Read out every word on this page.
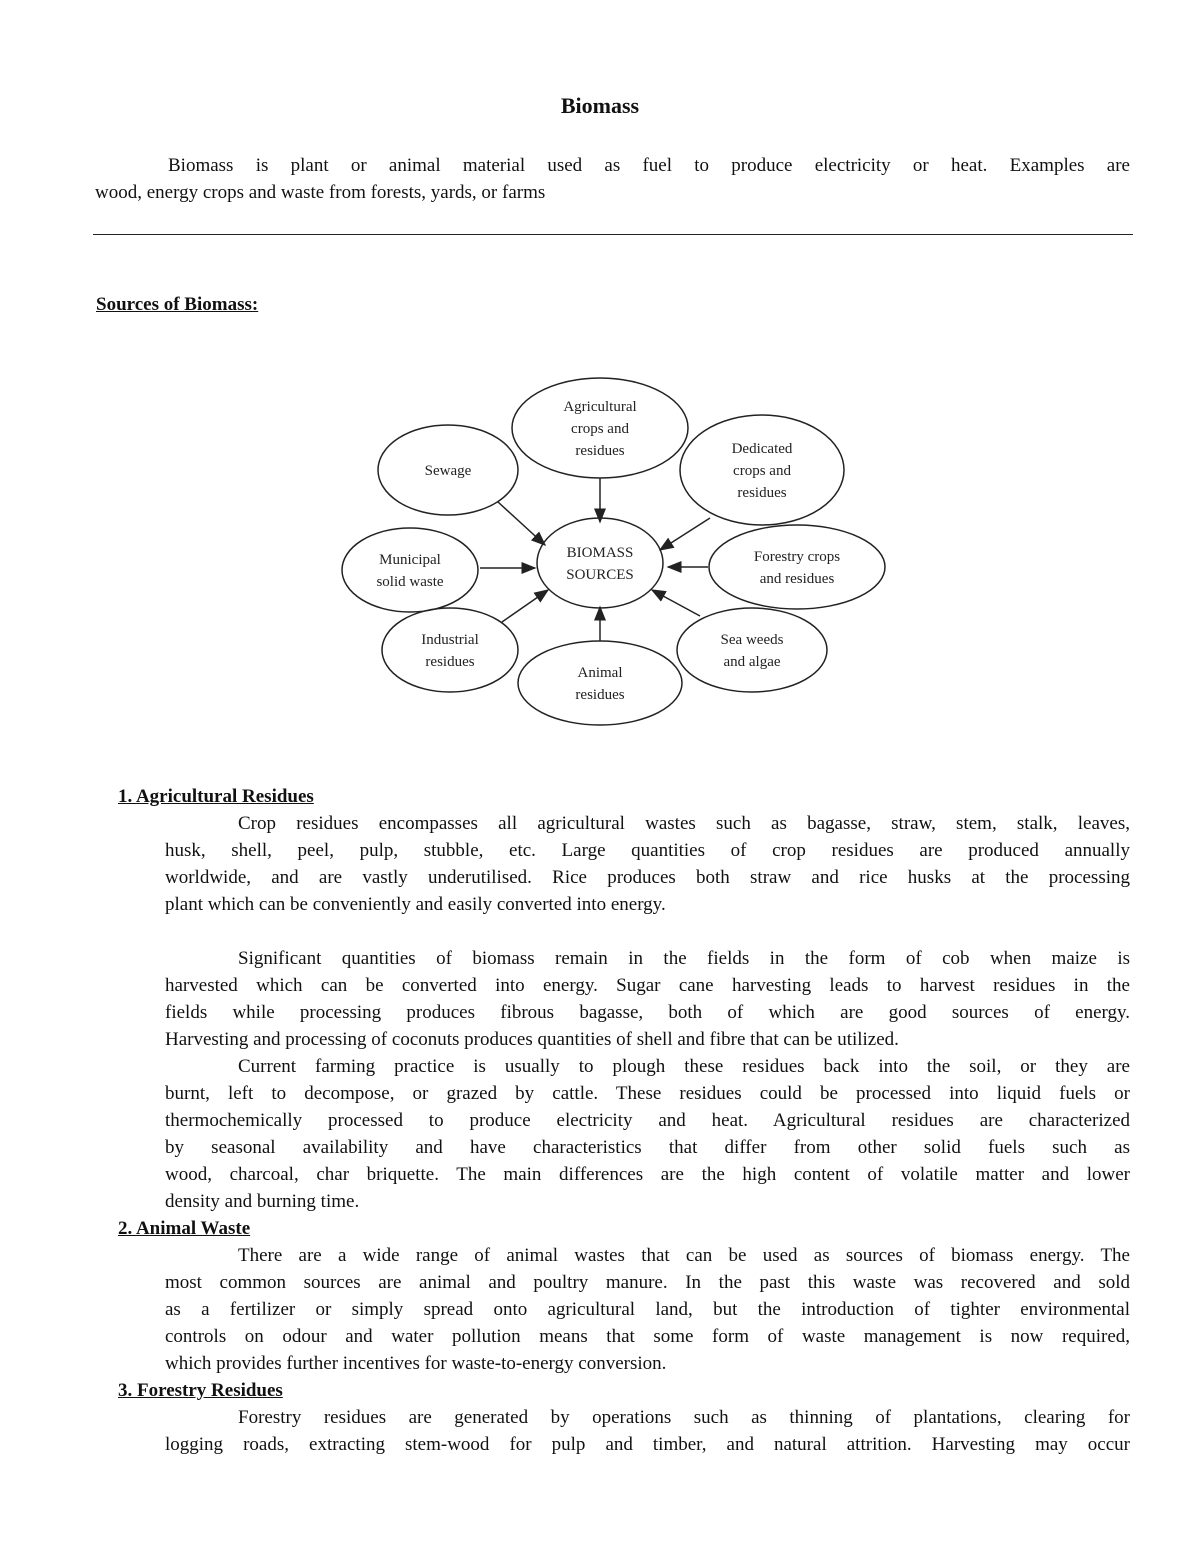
Biomass
Biomass is plant or animal material used as fuel to produce electricity or heat. Examples are
wood, energy crops and waste from forests, yards, or farms
Sources of Biomass:
BIOMASS
SOURCES
Agricultural
crops and
residues
Sewage
Dedicated
crops and
residues
Municipal
solid waste
Forestry crops
and residues
Industrial
residues
Sea weeds
and algae
Animal
residues
1. Agricultural Residues
Crop residues encompasses all agricultural wastes such as bagasse, straw, stem, stalk, leaves,
husk, shell, peel, pulp, stubble, etc. Large quantities of crop residues are produced annually
worldwide, and are vastly underutilised. Rice produces both straw and rice husks at the processing
plant which can be conveniently and easily converted into energy.
Significant quantities of biomass remain in the fields in the form of cob when maize is
harvested which can be converted into energy. Sugar cane harvesting leads to harvest residues in the
fields while processing produces fibrous bagasse, both of which are good sources of energy.
Harvesting and processing of coconuts produces quantities of shell and fibre that can be utilized.
Current farming practice is usually to plough these residues back into the soil, or they are
burnt, left to decompose, or grazed by cattle. These residues could be processed into liquid fuels or
thermochemically processed to produce electricity and heat. Agricultural residues are characterized
by seasonal availability and have characteristics that differ from other solid fuels such as
wood, charcoal, char briquette. The main differences are the high content of volatile matter and lower
density and burning time.
2. Animal Waste
There are a wide range of animal wastes that can be used as sources of biomass energy. The
most common sources are animal and poultry manure. In the past this waste was recovered and sold
as a fertilizer or simply spread onto agricultural land, but the introduction of tighter environmental
controls on odour and water pollution means that some form of waste management is now required,
which provides further incentives for waste-to-energy conversion.
3. Forestry Residues
Forestry residues are generated by operations such as thinning of plantations, clearing for
logging roads, extracting stem-wood for pulp and timber, and natural attrition. Harvesting may occur
